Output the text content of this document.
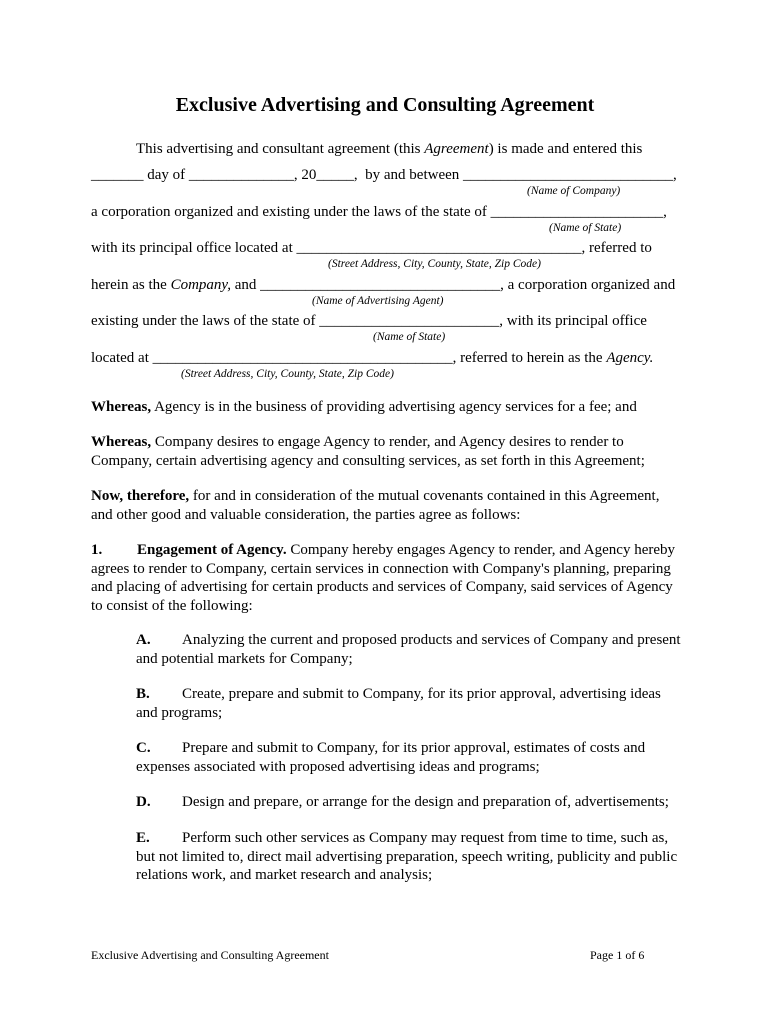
Exclusive Advertising and Consulting Agreement
This advertising and consultant agreement (this Agreement) is made and entered this
_______ day of ______________, 20_____,  by and between ____________________________,
(Name of Company)
a corporation organized and existing under the laws of the state of _______________________,
(Name of State)
with its principal office located at ______________________________________, referred to
(Street Address, City, County, State, Zip Code)
herein as the Company, and ________________________________, a corporation organized and
(Name of Advertising Agent)
existing under the laws of the state of ________________________, with its principal office
(Name of State)
located at ________________________________________, referred to herein as the Agency.
(Street Address, City, County, State, Zip Code)
Whereas, Agency is in the business of providing advertising agency services for a fee; and
Whereas, Company desires to engage Agency to render, and Agency desires to render to Company, certain advertising agency and consulting services, as set forth in this Agreement;
Now, therefore, for and in consideration of the mutual covenants contained in this Agreement, and other good and valuable consideration, the parties agree as follows:
1. Engagement of Agency. Company hereby engages Agency to render, and Agency hereby agrees to render to Company, certain services in connection with Company's planning, preparing and placing of advertising for certain products and services of Company, said services of Agency to consist of the following:
A. Analyzing the current and proposed products and services of Company and present and potential markets for Company;
B. Create, prepare and submit to Company, for its prior approval, advertising ideas and programs;
C. Prepare and submit to Company, for its prior approval, estimates of costs and expenses associated with proposed advertising ideas and programs;
D. Design and prepare, or arrange for the design and preparation of, advertisements;
E. Perform such other services as Company may request from time to time, such as, but not limited to, direct mail advertising preparation, speech writing, publicity and public relations work, and market research and analysis;
Exclusive Advertising and Consulting Agreement	Page 1 of 6
